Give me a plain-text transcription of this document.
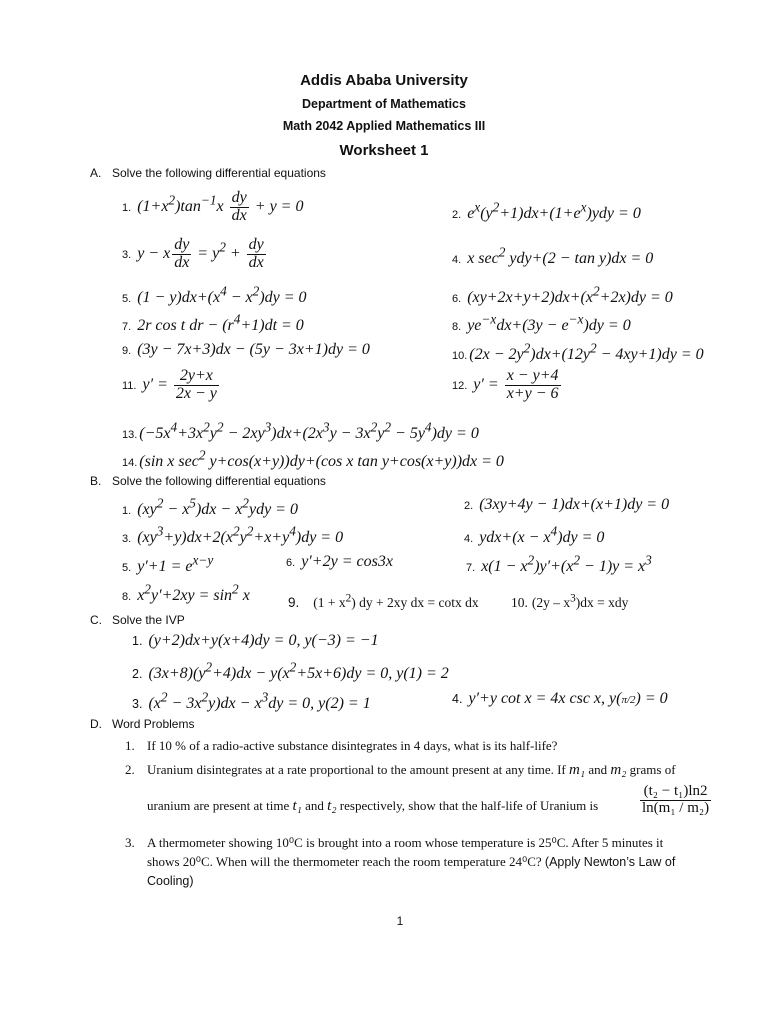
Addis Ababa University
Department of Mathematics
Math 2042 Applied Mathematics III
Worksheet 1
A. Solve the following differential equations
1. $(1+x^2)\tan^{-1}x \frac{dy}{dx} + y = 0$
2. $e^x(y^2+1)dx+(1+e^x)ydy = 0$
3. y − x $\frac{dy}{dx} = y^2 + \frac{dy}{dx}$	4. x $\sec^2 ydy+(2 - \tan y)dx = 0$
5. $(1 - y)dx+(x^4 - x^2)dy = 0$	6. $(xy+2x+y+2)dx+(x^2+2x)dy = 0$
7. 2r cos t dr − $(r^4+1)dt = 0$	8. $ye^{-x}dx+(3y - e^{-x})dy = 0$
9. (3y − 7x+3)dx − (5y − 3x+1)dy = 0	10. $(2x - 2y^2)dx+(12y^2 - 4xy+1)dy = 0$
11. $y' = \frac{2y+x}{2x - y}$	12. $y' = \frac{x - y+4}{x+y - 6}$
13. $(-5x^4+3x^2y^2 - 2xy^3)dx+(2x^3y - 3x^2y^2 - 5y^4)dy = 0$
14. (sin x $\sec^2 y+\cos(x+y))dy+(\cos$ x tan y+cos(x+y))dx = 0
B. Solve the following differential equations
1. $(xy^2 - x^5)dx - x^2ydy = 0$	2. (3xy+4y − 1)dx+(x+1)dy = 0
3. $(xy^3+y)dx+2(x^2y^2+x+y^4)dy = 0$	4. $ydx+(x - x^4)dy = 0$
5. $y'+1 = e^{x-y}$	6. y′+2y = cos3x	7. $x(1 - x^2)y'+(x^2 - 1)y = x^3$
8. $x^2y'+2xy = \sin^2 x$	9. $(1 + x^2)$ dy + 2xy dx = cotx dx 10. $(2y - x^3)dx$ = xdy
C. Solve the IVP
1. (y+2)dx+y(x+4)dy = 0, y(−3) = −1
2. $(3x+8)(y^2+4)dx - y(x^2+5x+6)dy = 0$, y(1) = 2
3. $(x^2 - 3x^2y)dx - x^3dy = 0$, y(2) = 1	4. y′+y cot x = 4x csc x, y(π/2) = 0
D. Word Problems
1. If 10 % of a radio-active substance disintegrates in 4 days, what is its half-life?
2. Uranium disintegrates at a rate proportional to the amount present at any time. If m₁ and m₂ grams of
uranium are present at time t₁ and t₂ respectively, show that the half-life of Uranium is	$\frac{\text{(t₂ − t₁)ln2}}{\text{ln(m₁ / m₂)}}$
3. A thermometer showing 10⁰C is brought into a room whose temperature is 25⁰C. After 5 minutes it
shows 20⁰C. When will the thermometer reach the room temperature 24⁰C? (Apply Newton’s Law of
Cooling)
1
